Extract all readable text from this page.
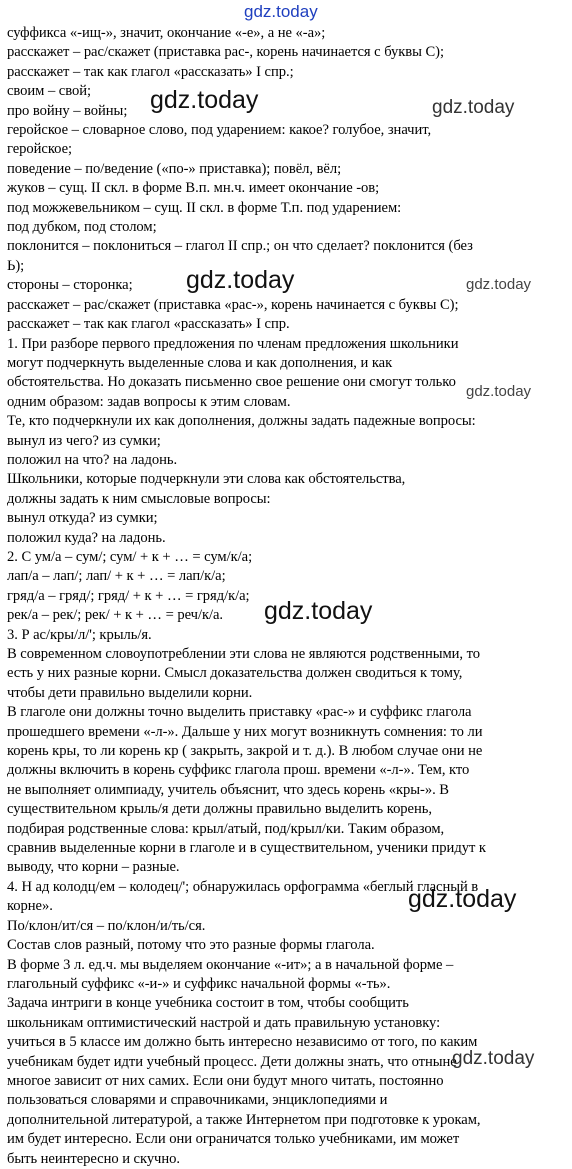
суффикса «-ищ-», значит, окончание «-е», а не «-а»;
расскажет – рас/скажет (приставка рас-, корень начинается с буквы С);
расскажет – так как глагол «рассказать» I спр.;
своим – свой;
про войну – войны;
геройское – словарное слово, под ударением: какое? голубое, значит,
геройское;
поведение – по/ведение («по-» приставка); повёл, вёл;
жуков – сущ. II скл. в форме В.п. мн.ч. имеет окончание -ов;
под можжевельником – сущ. II скл. в форме Т.п. под ударением:
под дубком, под столом;
поклонится – поклониться – глагол II спр.; он что сделает? поклонится (без
Ь);
стороны – сторонка;
расскажет – рас/скажет (приставка «рас-», корень начинается с буквы С);
расскажет – так как глагол «рассказать» I спр.
1. При разборе первого предложения по членам предложения школьники
могут подчеркнуть выделенные слова и как дополнения, и как
обстоятельства. Но доказать письменно свое решение они смогут только
одним образом: задав вопросы к этим словам.
Те, кто подчеркнули их как дополнения, должны задать падежные вопросы:
вынул из чего? из сумки;
положил на что? на ладонь.
Школьники, которые подчеркнули эти слова как обстоятельства,
должны задать к ним смысловые вопросы:
вынул откуда? из сумки;
положил куда? на ладонь.
2. С ум/а – сум/; сум/ + к + … = сум/к/а;
лап/а – лап/; лап/ + к + … = лап/к/а;
гряд/а – гряд/; гряд/ + к + … = гряд/к/а;
рек/а – рек/; рек/ + к + … = реч/к/а.
3. Р ас/кры/л/'; крыль/я.
В современном словоупотреблении эти слова не являются родственными, то
есть у них разные корни. Смысл доказательства должен сводиться к тому,
чтобы дети правильно выделили корни.
В глаголе они должны точно выделить приставку «рас-» и суффикс глагола
прошедшего времени «-л-». Дальше у них могут возникнуть сомнения: то ли
корень кры, то ли корень кр ( закрыть, закрой и т. д.). В любом случае они не
должны включить в корень суффикс глагола прош. времени «-л-». Тем, кто
не выполняет олимпиаду, учитель объяснит, что здесь корень «кры-». В
существительном крыль/я дети должны правильно выделить корень,
подбирая родственные слова: крыл/атый, под/крыл/ки. Таким образом,
сравнив выделенные корни в глаголе и в существительном, ученики придут к
выводу, что корни – разные.
4. Н ад колодц/ем – колодец/'; обнаружилась орфограмма «беглый гласный в
корне».
По/клон/ит/ся – по/клон/и/ть/ся.
Состав слов разный, потому что это разные формы глагола.
В форме 3 л. ед.ч. мы выделяем окончание «-ит»; а в начальной форме –
глагольный суффикс «-и-» и суффикс начальной формы «-ть».
Задача интриги в конце учебника состоит в том, чтобы сообщить
школьникам оптимистический настрой и дать правильную установку:
учиться в 5 классе им должно быть интересно независимо от того, по каким
учебникам будет идти учебный процесс. Дети должны знать, что отныне
многое зависит от них самих. Если они будут много читать, постоянно
пользоваться словарями и справочниками, энциклопедиями и
дополнительной литературой, а также Интернетом при подготовке к урокам,
им будет интересно. Если они ограничатся только учебниками, им может
быть неинтересно и скучно.
gdz.today
gdz.today	gdz.today
gdz.today	gdz.today
gdz.today
gdz.today
gdz.today
gdz.today
